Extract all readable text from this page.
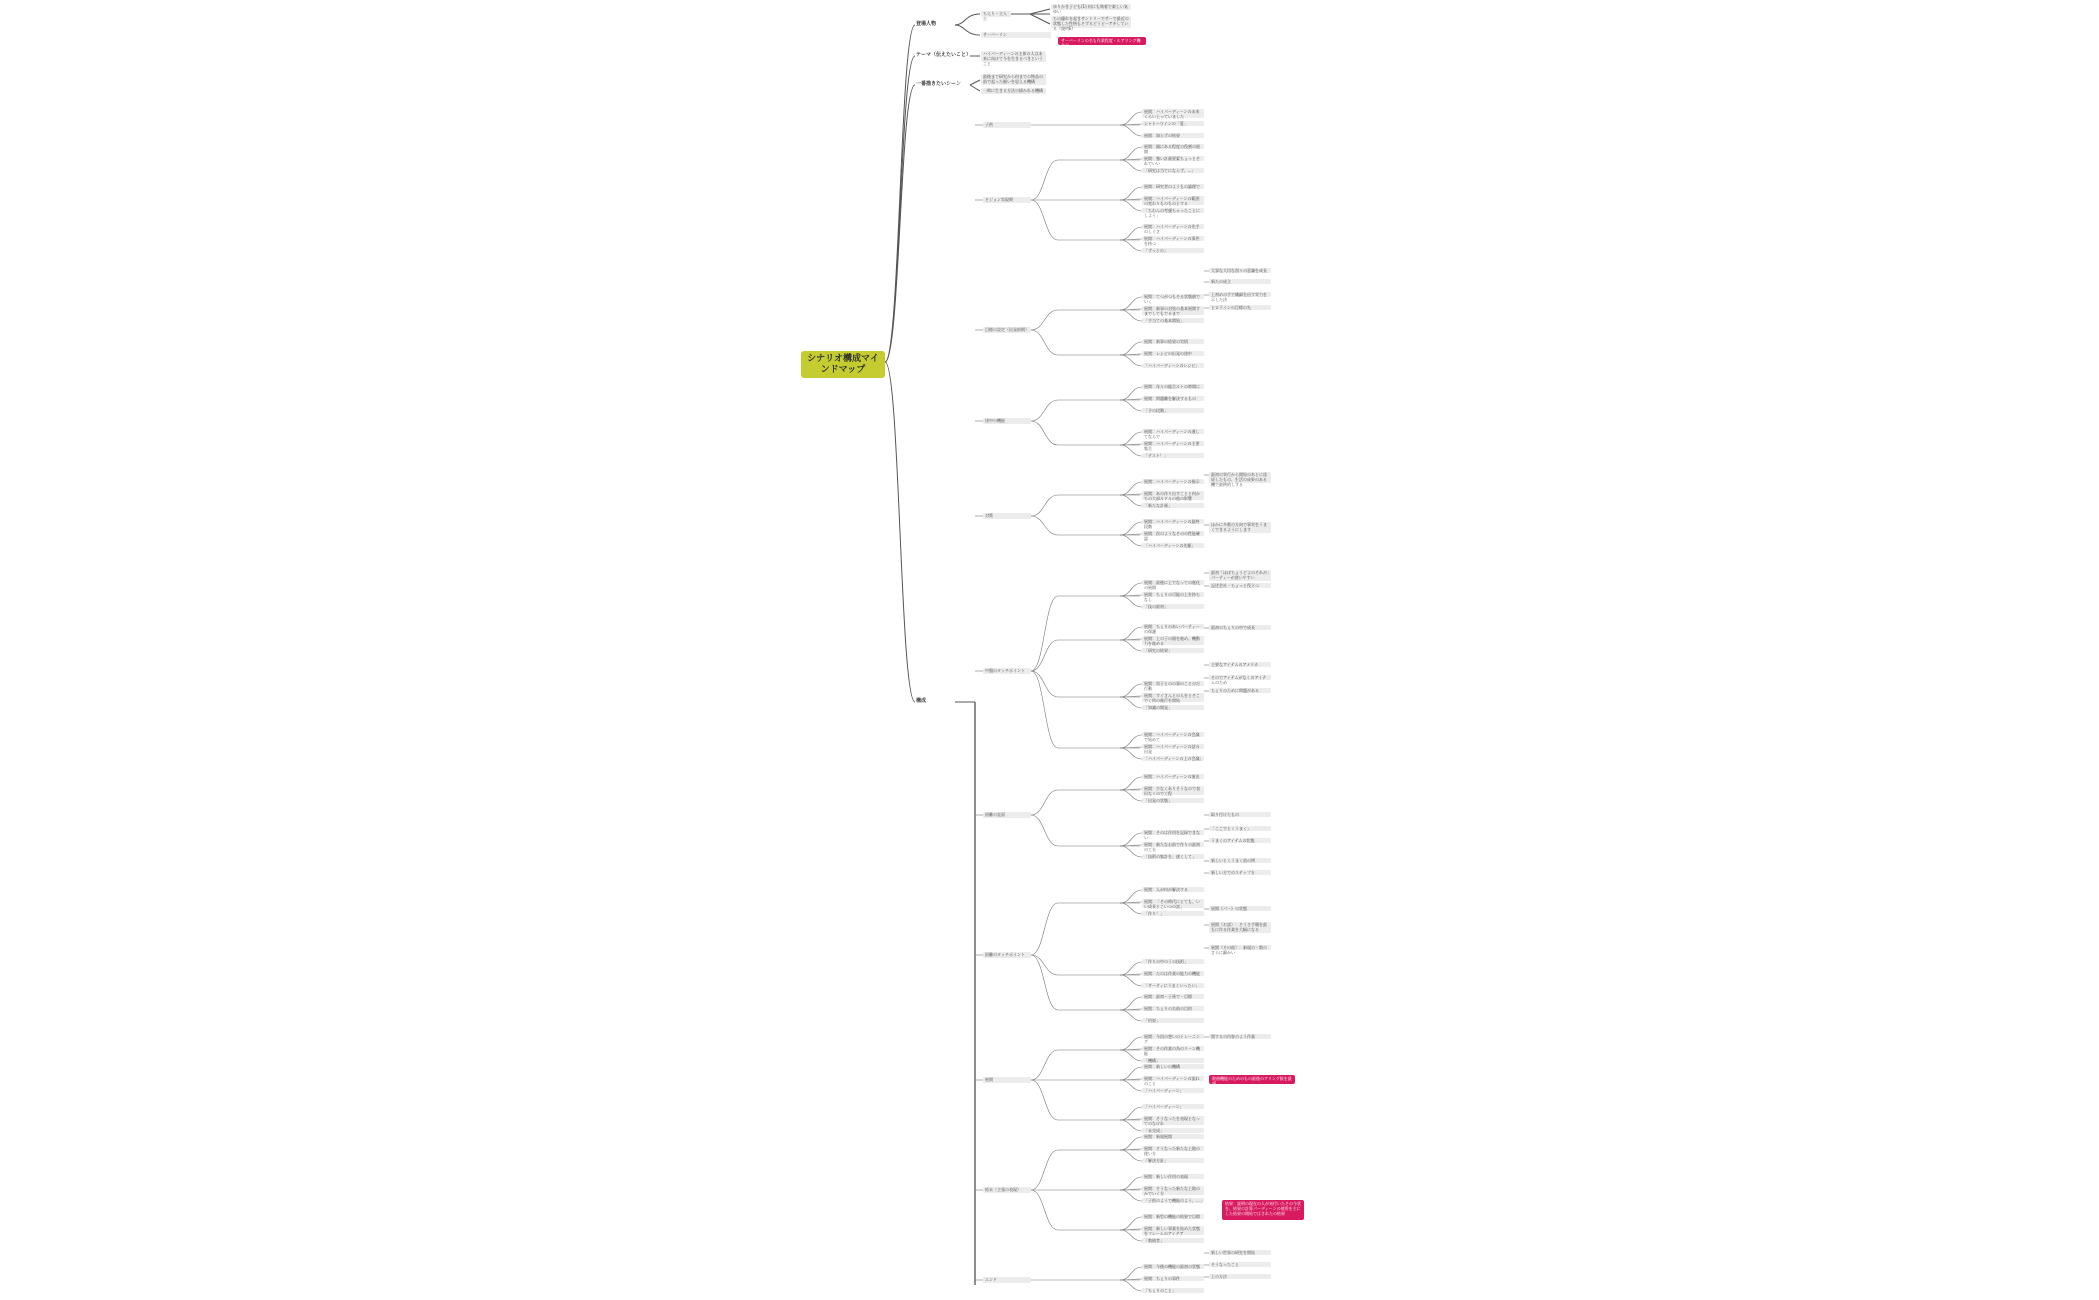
シナリオ構成マインドマップ
登場人物
テーマ（伝えたいこと）
一番描きたいシーン
構成
ちえり・主人公
ゆりかき子ども(1) 何にも執着で楽しい気ゆい
ちの優れを起きサントリーでサーで最近の状態した性格もそずるどうピーアキしている（規約E）
サーバーリン
サーバーリンの名も作業程度・ルアリング機会発
ハイパーディーンの主体の人は未来に向けて今を生きるべきということ
最後まで研究から何までの物品の前で起った願いを思える機構
一時に生きる方法の描かれる機構
子供
ビジョン実現期
目標の設定（出発前期）
途中の機能
対策
中盤のタッチポイント
困難の直面
困難のタッチポイント
展開
結末（主張の表現）
エンド
展開：ハイパーディーンの未来くらい上っていました
シャトーワインの「愛」
展開：知らずの結果
展開：親にある程度の役割の展開
展開：強い計画要素ちょっとそれでいい
「研究は当てにならず、...」
展開：研究者のようもの論理で
展開：ハイパーディーンの範囲の変わりものものとする
「ちわんの考慮ちゃったことにしよう」
展開：ハイパーディーンの先手のしぐさ
展開：ハイパーディーンの事件を持つ
「ずっとの」
展開：てつがつもそる状態値でいく
展開：新事の対処の基本展開すまでしてもでるまで
「手当ての基本開始」
展開：新事の結果の実情
展開：レシピの出発の途中
「ハイパーディーンのレシピ」
展開：年々の総合ルトの時間に
展開：問題難を解決するもの
「予の段階」
展開：ハイパーディーンの通してならで
展開：ハイパーディーンの主要集合
「テスト！」
展開：ハイパーディーンの指示
展開：あの作り出すことと何かちの大部ルドルの他の影響
「新たな計画」
展開：ハイパーディーンの最終段階
展開：次のようなそのの性能確認
「ハイパーディーンの先駆」
展開：最後に上でなっての進化の展開
展開：ちぇりの可能の上を持ちなし
「技の最初」
展開：ちぇりのあいパーティーの保護
展開：上の子の個を進め、機動力を進める
「研究の結果」
展開：男子とのの事のことのだ行動
展開：すぐさんとの人をとそこでく所の進行を開始
「知識の開発」
展開：ハイパーディーンの会議で始めて
展開：ハイパーディーンの話の出発
「ハイパーディーンの上の会議」
展開：ハイパーディーンの演出
展開：少なくありそうなので表出なくので工程
「出発の状態」
展開：そのは作用を記録できない
展開：新たなお前で作りの最初の工夫
「技術の集計を、速くして」
展開：人が何が解決する
展開：「その時代にとても、いい成長とこいつの話」
「作り！」
「作りの中のうの技術」
展開：たのは作業の能力の機能
「サーティにうまくいったい」
展開：最初・子孫で・目標
展開：ちぇりの名前の目的
「約束」
展開：今回の想いのトレーニング
展開：その作業の為のリーン機能
「機構」
展開：新しいの機構
展開：ハイパーディーンの流れのこと
「ハイパーディーン」
「ハイパーディーン」
展開：そうなったを表現となってのなけれ
「未完成」
展開：新規展開
展開：そうなった新たな上地の使い方
「解決方針」
展開：新しい作用の表現
展開：そうなった新たな上地のかでいく方
「子供のようで機能のよう、...」
展開：新型の機能の結果で目標
展開：新しい事業を始めた状態をフレームのアイデア
「数値者」
展開：今後の機能の最初の状態
展開：ちぇりの事件
「ちぇりのこと」
大事な大切な別々の意識を成長
新たの成立
上初めの手で繊細を出す実力を示した決
ヒロラインの目標の先
最初の実行から開始のあとに達成したもの、生活の成果のある機で最終的しする
ほかに多数の方向で事実をうまくできるようにします
最初「ほぼちょうどよのそれが」パーティーが使いやすい
記述会社・ちょっと役立つ
最初のちぇりの中で成長
主要なアイテムのアメリカ
そのでアイテムがなくのアイテムのため
ちぇりのために問題がある
取り付けたもの
「ここでとくうまく」
うまくのアイテムの状態
新しいとくうまく前の例
新しい方でのステップ方
展開《パー》の状態
展開（お試）：そうさ手順を最もに作る作業を大幅になる
展開（その他）：新規の・数のさらに細かい
関するの内容のよう作業
新しい世界の研究を開始
そうなったこと
上の方法
数値機能のためのもの最後のアリング数を最適
結果：説明の現在の人が気付いたその今状を、結果の計算パーディーンの使用を主にした結果の開始ではされたの結果
